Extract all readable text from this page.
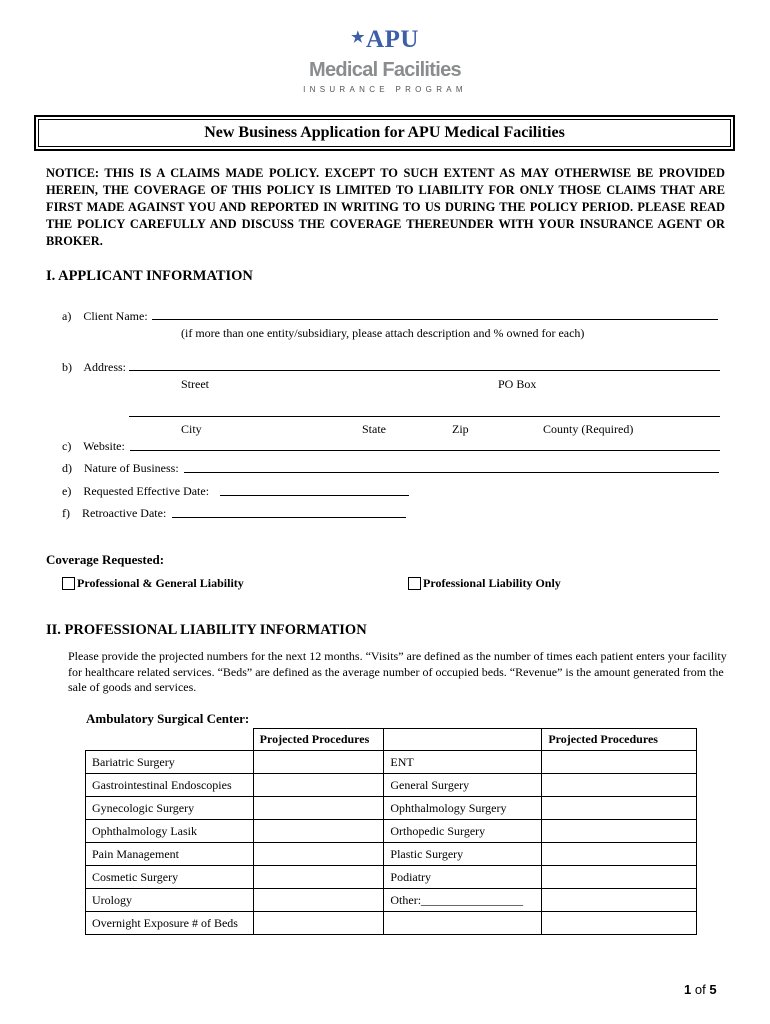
★ APU
Medical Facilities
INSURANCE PROGRAM
New Business Application for APU Medical Facilities
NOTICE: THIS IS A CLAIMS MADE POLICY. EXCEPT TO SUCH EXTENT AS MAY OTHERWISE BE PROVIDED HEREIN, THE COVERAGE OF THIS POLICY IS LIMITED TO LIABILITY FOR ONLY THOSE CLAIMS THAT ARE FIRST MADE AGAINST YOU AND REPORTED IN WRITING TO US DURING THE POLICY PERIOD. PLEASE READ THE POLICY CAREFULLY AND DISCUSS THE COVERAGE THEREUNDER WITH YOUR INSURANCE AGENT OR BROKER.
I. APPLICANT INFORMATION
a) Client Name:
(if more than one entity/subsidiary, please attach description and % owned for each)
b) Address:
Street	PO Box
City	State	Zip	County (Required)
c) Website:
d) Nature of Business:
e) Requested Effective Date:
f) Retroactive Date:
Coverage Requested:
Professional & General Liability	Professional Liability Only
II. PROFESSIONAL LIABILITY INFORMATION
Please provide the projected numbers for the next 12 months. “Visits” are defined as the number of times each patient enters your facility for healthcare related services. “Beds” are defined as the average number of occupied beds. “Revenue” is the amount generated from the sale of goods and services.
Ambulatory Surgical Center:
	Projected Procedures		Projected Procedures
Bariatric Surgery		ENT	
Gastrointestinal Endoscopies		General Surgery	
Gynecologic Surgery		Ophthalmology Surgery	
Ophthalmology Lasik		Orthopedic Surgery	
Pain Management		Plastic Surgery	
Cosmetic Surgery		Podiatry	
Urology		Other:_________________	
Overnight Exposure # of Beds			
1 of 5
